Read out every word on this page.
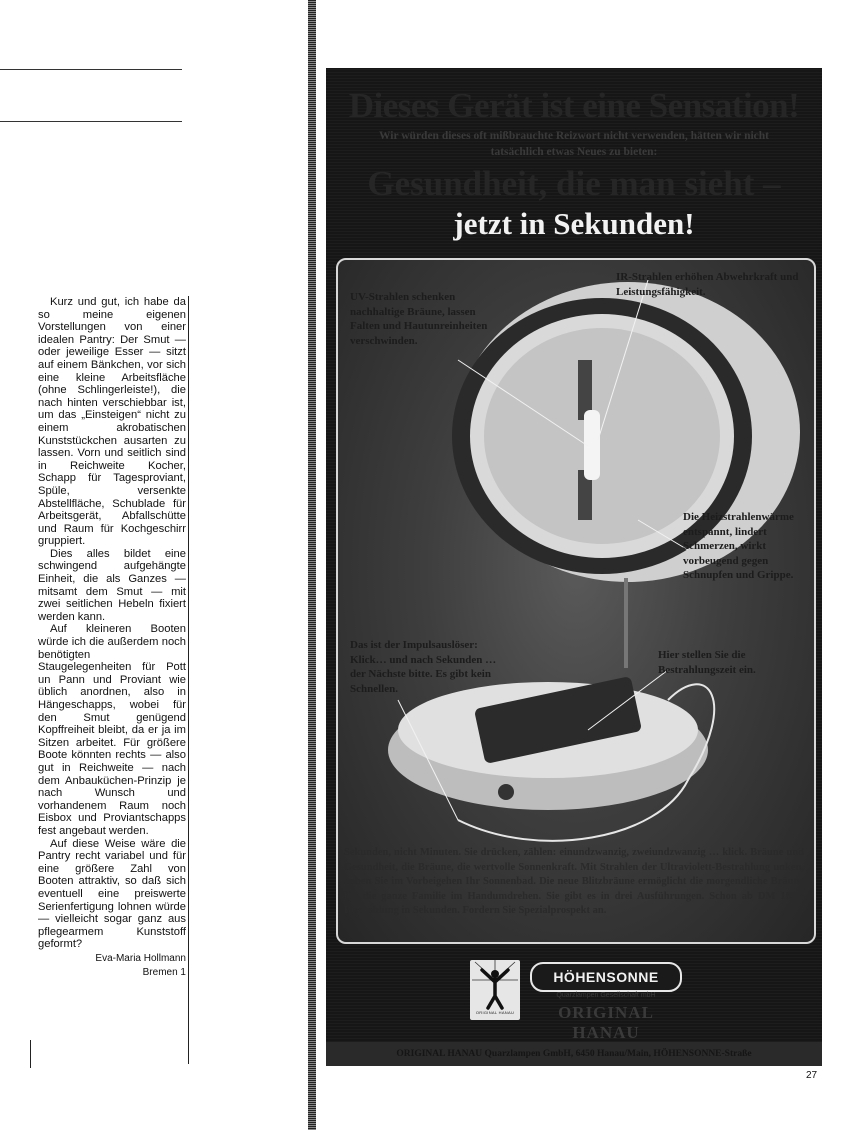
Kurz und gut, ich habe da so meine eigenen Vorstellungen von einer idealen Pantry: Der Smut — oder jeweilige Esser — sitzt auf einem Bänkchen, vor sich eine kleine Arbeitsfläche (ohne Schlingerleiste!), die nach hinten verschiebbar ist, um das „Einsteigen“ nicht zu einem akrobatischen Kunststückchen ausarten zu lassen. Vorn und seitlich sind in Reichweite Kocher, Schapp für Tagesproviant, Spüle, versenkte Abstellfläche, Schublade für Arbeitsgerät, Abfallschütte und Raum für Kochgeschirr gruppiert.

Dies alles bildet eine schwingend aufgehängte Einheit, die als Ganzes — mitsamt dem Smut — mit zwei seitlichen Hebeln fixiert werden kann.

Auf kleineren Booten würde ich die außerdem noch benötigten Staugelegenheiten für Pott un Pann und Proviant wie üblich anordnen, also in Hängeschapps, wobei für den Smut genügend Kopffreiheit bleibt, da er ja im Sitzen arbeitet. Für größere Boote könnten rechts — also gut in Reichweite — nach dem Anbauküchen-Prinzip je nach Wunsch und vorhandenem Raum noch Eisbox und Proviantschapps fest angebaut werden.

Auf diese Weise wäre die Pantry recht variabel und für eine größere Zahl von Booten attraktiv, so daß sich eventuell eine preiswerte Serienfertigung lohnen würde — vielleicht sogar ganz aus pflegearmem Kunststoff geformt?

Eva-Maria Hollmann
Bremen 1
Dieses Gerät ist eine Sensation!
Wir würden dieses oft mißbrauchte Reizwort nicht verwenden, hätten wir nicht tatsächlich etwas Neues zu bieten:
Gesundheit, die man sieht –
jetzt in Sekunden!
UV-Strahlen schenken nachhaltige Bräune, lassen Falten und Hautunreinheiten verschwinden.
IR-Strahlen erhöhen Abwehrkraft und Leistungsfähigkeit.
Die Heizstrahlenwärme entspannt, lindert Schmerzen, wirkt vorbeugend gegen Schnupfen und Grippe.
Das ist der Impulsauslöser: Klick… und nach Sekunden … der Nächste bitte. Es gibt kein Schnellen.
Hier stellen Sie die Bestrahlungszeit ein.
Sekunden, nicht Minuten. Sie drücken, zählen: einundzwanzig, zweiundzwanzig … klick. Bräune und Gesundheit, die Bräune, die wertvolle Sonnenkraft. Mit Strahlen der Ultraviolett-Bestrahlung unken, haben Sie im Vorbeigehen Ihr Sonnenbad. Die neue Blitzbräune ermöglicht die morgendliche Bräune für die ganze Familie im Handumdrehen. Sie gibt es in drei Ausführungen. Schon ab DM 189,– Bestrahlung in Sekunden. Fordern Sie Spezialprospekt an.
ORIGINAL HANAU
HÖHENSONNE
Quarzlampen Gesellschaft mbH
ORIGINAL HANAU
ORIGINAL HANAU Quarzlampen GmbH, 6450 Hanau/Main, HÖHENSONNE-Straße
27
